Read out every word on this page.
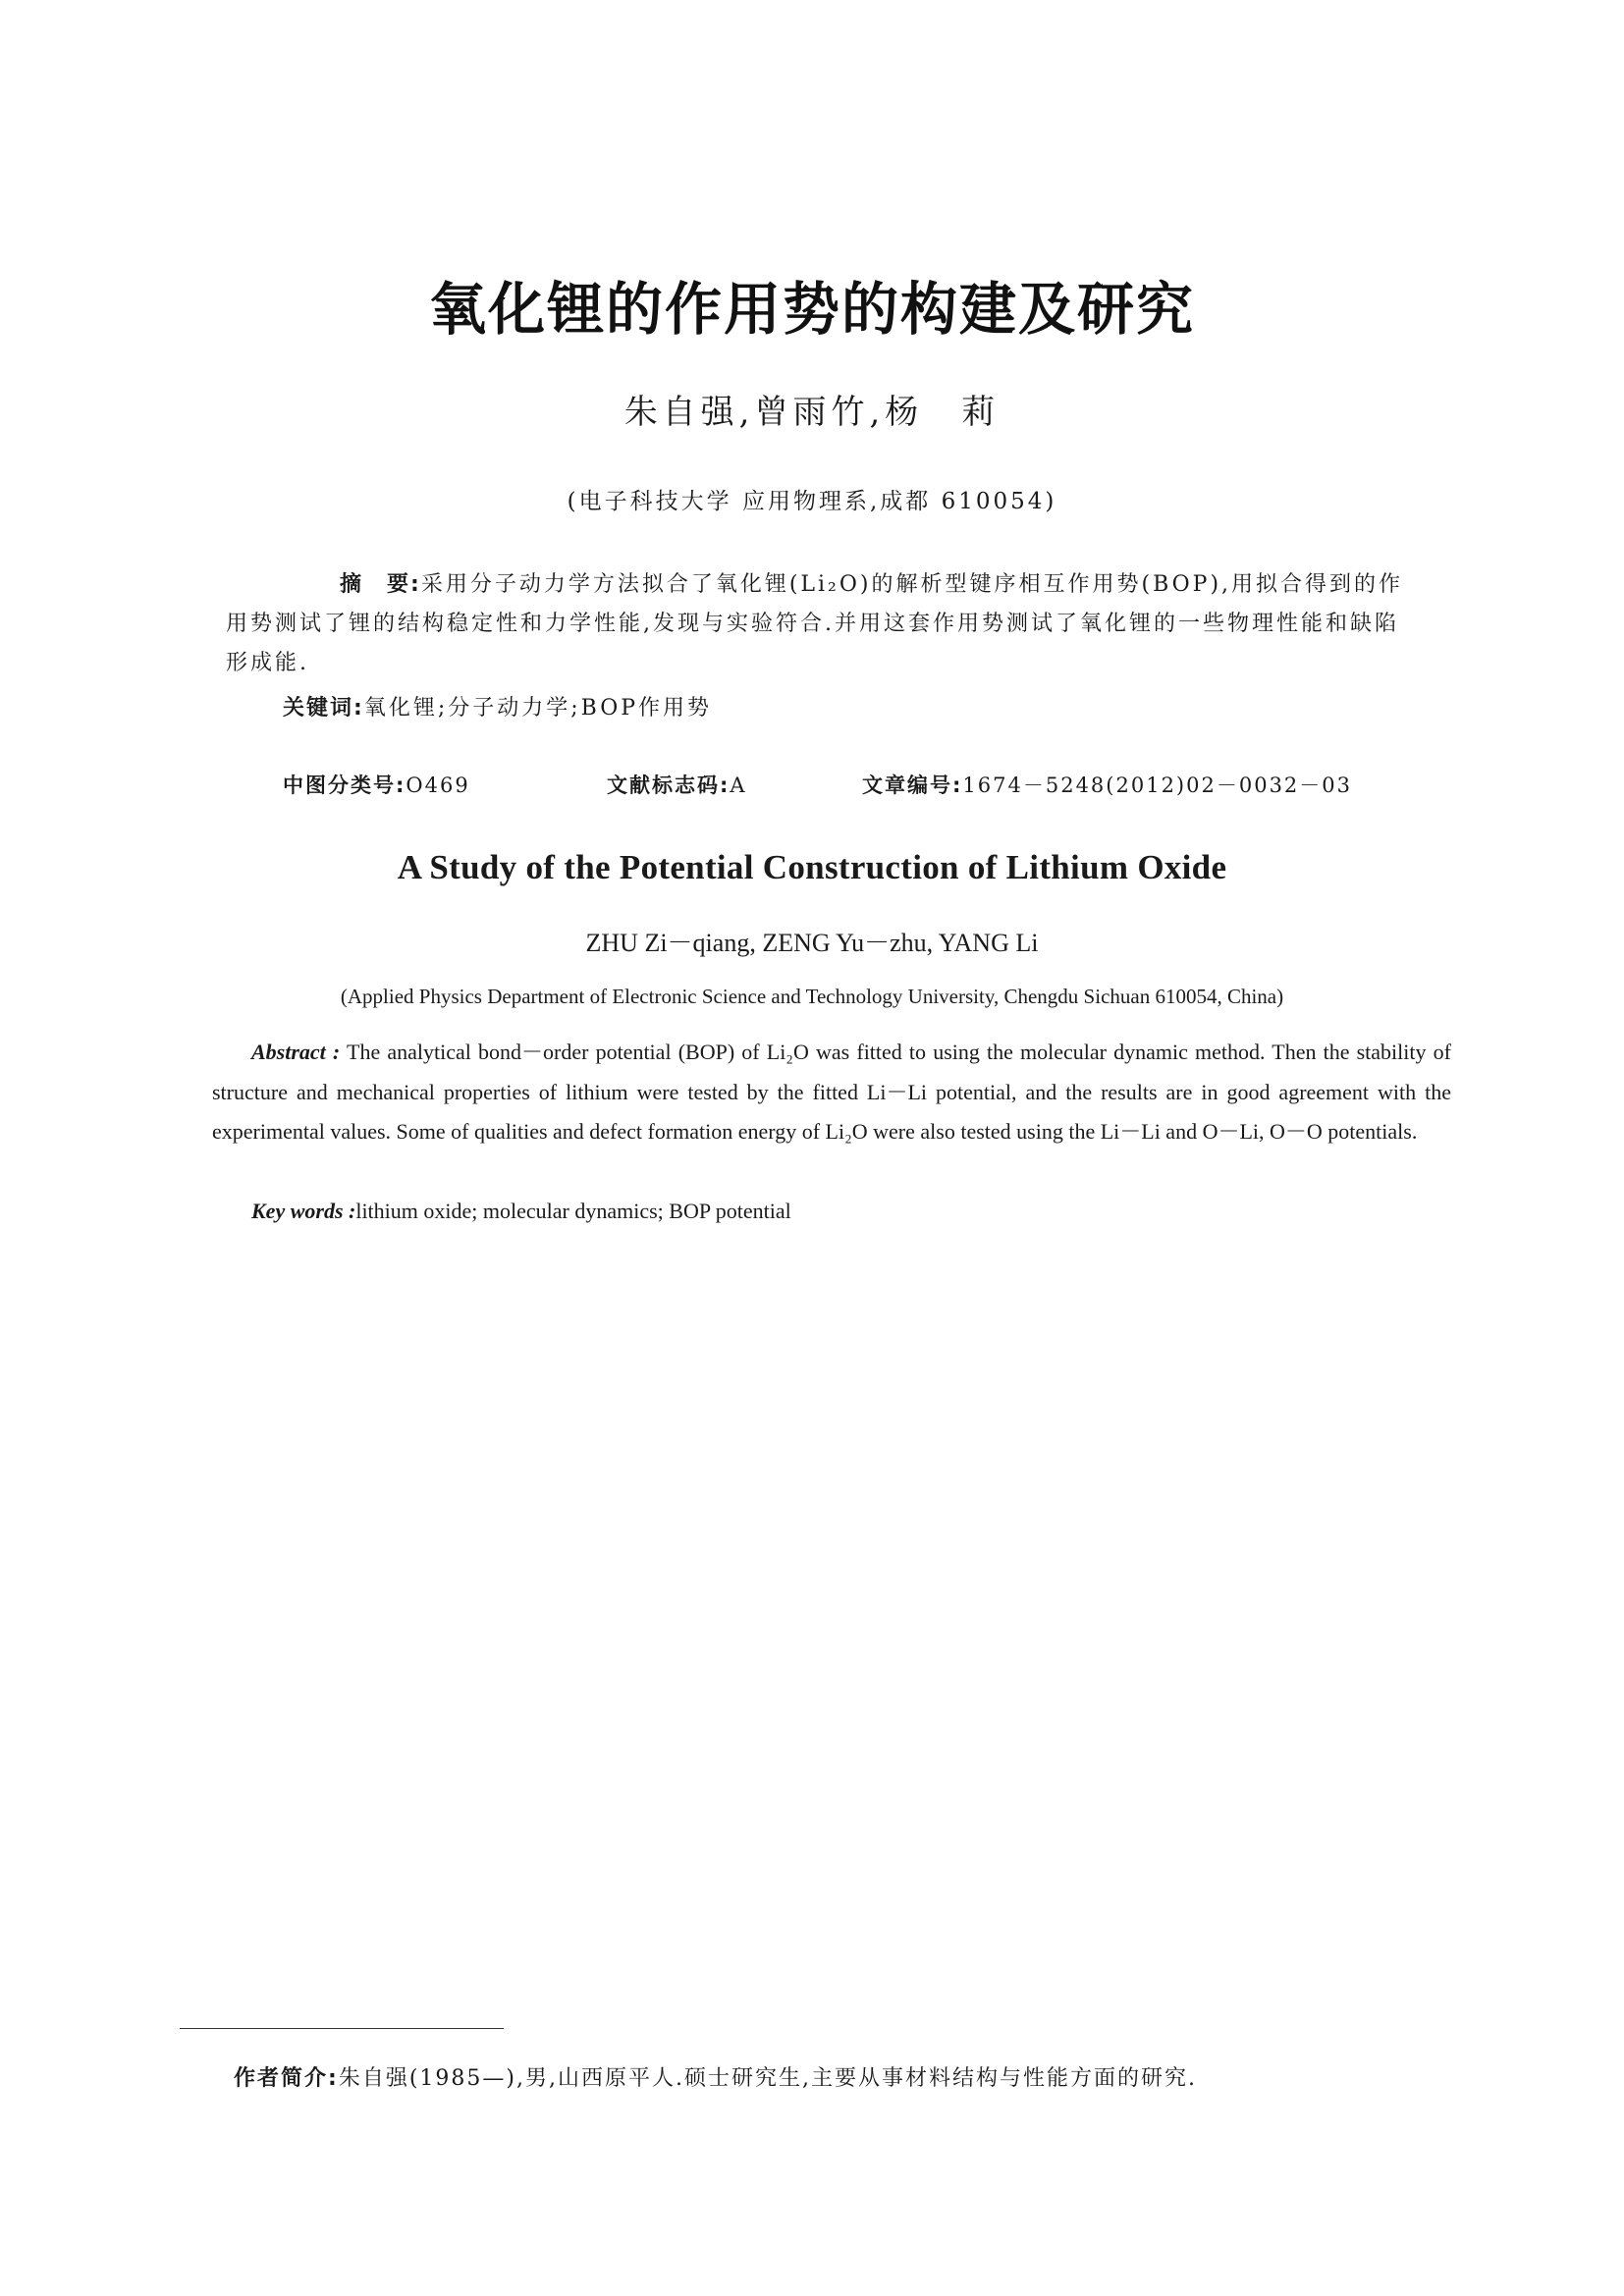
氧化锂的作用势的构建及研究
朱自强,曾雨竹,杨　莉
(电子科技大学 应用物理系,成都 610054)
摘　要:采用分子动力学方法拟合了氧化锂(Li₂O)的解析型键序相互作用势(BOP),用拟合得到的作用势测试了锂的结构稳定性和力学性能,发现与实验符合.并用这套作用势测试了氧化锂的一些物理性能和缺陷形成能.
关键词:氧化锂;分子动力学;BOP作用势
中图分类号:O469	文献标志码:A	文章编号:1674－5248(2012)02－0032－03
A Study of the Potential Construction of Lithium Oxide
ZHU Zi－qiang, ZENG Yu－zhu, YANG Li
(Applied Physics Department of Electronic Science and Technology University, Chengdu Sichuan 610054, China)
Abstract : The analytical bond－order potential (BOP) of Li₂O was fitted to using the molecular dynamic method. Then the stability of structure and mechanical properties of lithium were tested by the fitted Li－Li potential, and the results are in good agreement with the experimental values. Some of qualities and defect formation energy of Li₂O were also tested using the Li－Li and O－Li, O－O potentials.
Key words :lithium oxide; molecular dynamics; BOP potential
作者简介:朱自强(1985—),男,山西原平人.硕士研究生,主要从事材料结构与性能方面的研究.
